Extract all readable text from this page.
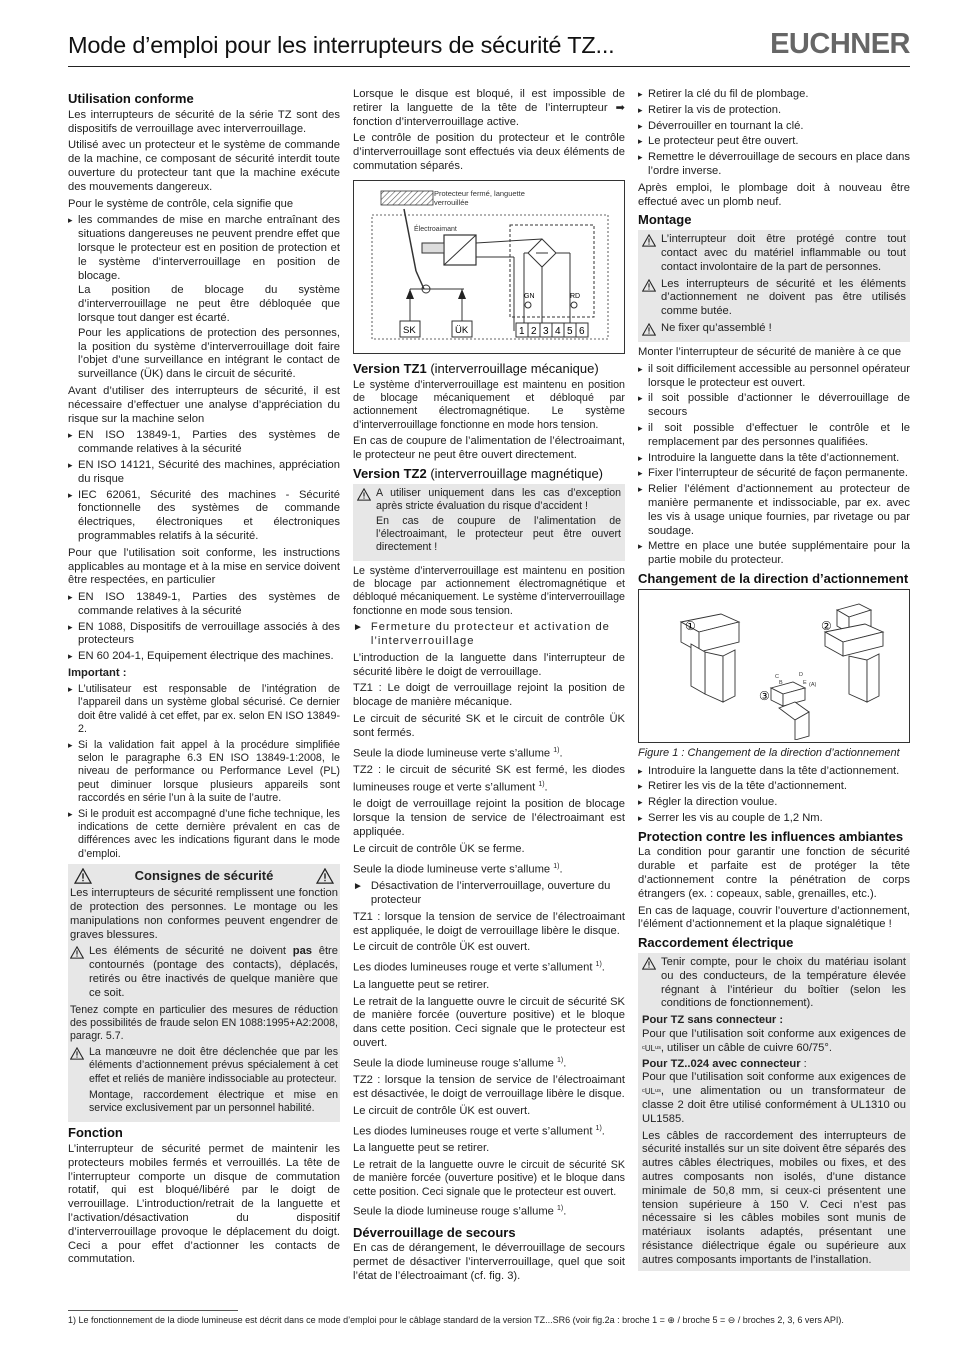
Mode d’emploi pour les interrupteurs de sécurité TZ...	EUCHNER
Utilisation conforme

Les interrupteurs de sécurité de la série TZ sont des dispositifs de verrouillage avec interverrouillage.

Utilisé avec un protecteur et le système de commande de la machine, ce composant de sécurité interdit toute ouverture du protecteur tant que la machine exécute des mouvements dangereux.

Pour le système de contrôle, cela signifie que

▸ les commandes de mise en marche entraînant des situations dangereuses ne peuvent prendre effet que lorsque le protecteur est en position de protection et le système d’interverrouillage en position de blocage.
La position de blocage du système d’interverrouillage ne peut être débloquée que lorsque tout danger est écarté.
Pour les applications de protection des personnes, la position du système d’interverrouillage doit faire l’objet d’une surveillance en intégrant le contact de surveillance (ÜK) dans le circuit de sécurité.

Avant d’utiliser des interrupteurs de sécurité, il est nécessaire d’effectuer une analyse d’appréciation du risque sur la machine selon

▸ EN ISO 13849-1, Parties des systèmes de commande relatives à la sécurité
▸ EN ISO 14121, Sécurité des machines, appréciation du risque
▸ IEC 62061, Sécurité des machines - Sécurité fonctionnelle des systèmes de commande électriques, électroniques et électroniques programmables relatifs à la sécurité.

Pour que l’utilisation soit conforme, les instructions applicables au montage et à la mise en service doivent être respectées, en particulier

▸ EN ISO 13849-1, Parties des systèmes de commande relatives à la sécurité
▸ EN 1088, Dispositifs de verrouillage associés à des protecteurs
▸ EN 60 204-1, Equipement électrique des machines.
Important :
▸ L’utilisateur est responsable de l’intégration de l’appareil dans un système global sécurisé. Ce dernier doit être validé à cet effet, par ex. selon EN ISO 13849-2.
▸ Si la validation fait appel à la procédure simplifiée selon le paragraphe 6.3 EN ISO 13849-1:2008, le niveau de performance ou Performance Level (PL) peut diminuer lorsque plusieurs appareils sont raccordés en série l’un à la suite de l’autre.
▸ Si le produit est accompagné d’une fiche technique, les indications de cette dernière prévalent en cas de différences avec les indications figurant dans le mode d’emploi.
Consignes de sécurité

Les interrupteurs de sécurité remplissent une fonction de protection des personnes. Le montage ou les manipulations non conformes peuvent engendrer de graves blessures.

Les éléments de sécurité ne doivent pas être contournés (pontage des contacts), déplacés, retirés ou être inactivés de quelque manière que ce soit.

Tenez compte en particulier des mesures de réduction des possibilités de fraude selon EN 1088:1995+A2:2008, paragr. 5.7.

La manœuvre ne doit être déclenchée que par les éléments d’actionnement prévus spécialement à cet effet et reliés de manière indissociable au protecteur.
Montage, raccordement électrique et mise en service exclusivement par un personnel habilité.
Fonction

L’interrupteur de sécurité permet de maintenir les protecteurs mobiles fermés et verrouillés. La tête de l’interrupteur comporte un disque de commutation rotatif, qui est bloqué/libéré par le doigt de verrouillage. L’introduction/retrait de la languette et l’activation/désactivation du dispositif d’interverrouillage provoque le déplacement du doigt. Ceci a pour effet d’actionner les contacts de commutation.

Lorsque le disque est bloqué, il est impossible de retirer la languette de la tête de l’interrupteur ➡ fonction d’interverrouillage active.

Le contrôle de position du protecteur et le contrôle d’interverrouillage sont effectués via deux éléments de commutation séparés.

Protecteur fermé, languette
verrouillée
Électroaimant
SK	ÜK
GN	RD
1 2 3 4 5 6
Version TZ1 (interverrouillage mécanique)

Le système d’interverrouillage est maintenu en position de blocage mécaniquement et débloqué par actionnement électromagnétique. Le système d’interverrouillage fonctionne en mode hors tension.

En cas de coupure de l’alimentation de l’électroaimant, le protecteur ne peut être ouvert directement.

Version TZ2 (interverrouillage magnétique)
A utiliser uniquement dans les cas d’exception après stricte évaluation du risque d’accident !
En cas de coupure de l’alimentation de l’électroaimant, le protecteur peut être ouvert directement !

Le système d’interverrouillage est maintenu en position de blocage par actionnement électromagnétique et débloqué mécaniquement. Le système d’interverrouillage fonctionne en mode sous tension.

► Fermeture du protecteur et activation de l’interverrouillage

L’introduction de la languette dans l’interrupteur de sécurité libère le doigt de verrouillage.

TZ1 : Le doigt de verrouillage rejoint la position de blocage de manière mécanique.

Le circuit de sécurité SK et le circuit de contrôle ÜK sont fermés.

Seule la diode lumineuse verte s’allume $^{1)}$.

TZ2 : le circuit de sécurité SK est fermé, les diodes lumineuses rouge et verte s’allument $^{1)}$.

le doigt de verrouillage rejoint la position de blocage lorsque la tension de service de l’électroaimant est appliquée.

Le circuit de contrôle ÜK se ferme.

Seule la diode lumineuse verte s’allume $^{1)}$.

► Désactivation de l’interverrouillage, ouverture du protecteur

TZ1 : lorsque la tension de service de l’électroaimant est appliquée, le doigt de verrouillage libère le disque.

Le circuit de contrôle ÜK est ouvert.

Les diodes lumineuses rouge et verte s’allument $^{1)}$.

La languette peut se retirer.

Le retrait de la languette ouvre le circuit de sécurité SK de manière forcée (ouverture positive) et le bloque dans cette position. Ceci signale que le protecteur est ouvert.

Seule la diode lumineuse rouge s’allume $^{1)}$.

TZ2 : lorsque la tension de service de l’électroaimant est désactivée, le doigt de verrouillage libère le disque.

Le circuit de contrôle ÜK est ouvert.

Les diodes lumineuses rouge et verte s’allument $^{1)}$.

La languette peut se retirer.

Le retrait de la languette ouvre le circuit de sécurité SK de manière forcée (ouverture positive) et le bloque dans cette position. Ceci signale que le protecteur est ouvert.

Seule la diode lumineuse rouge s’allume $^{1)}$.

Déverrouillage de secours

En cas de dérangement, le déverrouillage de secours permet de désactiver l’interverrouillage, quel que soit l’état de l’électroaimant (cf. fig. 3).

▸ Retirer la clé du fil de plombage.
▸ Retirer la vis de protection.
▸ Déverrouiller en tournant la clé.
▸ Le protecteur peut être ouvert.
▸ Remettre le déverrouillage de secours en place dans l’ordre inverse.

Après emploi, le plombage doit à nouveau être effectué avec un plomb neuf.

Montage
L’interrupteur doit être protégé contre tout contact avec du matériel inflammable ou tout contact involontaire de la part de personnes.
Les interrupteurs de sécurité et les éléments d’actionnement ne doivent pas être utilisés comme butée.
Ne fixer qu’assemblé !

Monter l’interrupteur de sécurité de manière à ce que

▸ il soit difficilement accessible au personnel opérateur lorsque le protecteur est ouvert.
▸ il soit possible d’actionner le déverrouillage de secours
▸ il soit possible d’effectuer le contrôle et le remplacement par des personnes qualifiées.
▸ Introduire la languette dans la tête d’actionnement.
▸ Fixer l’interrupteur de sécurité de façon permanente.
▸ Relier l’élément d’actionnement au protecteur de manière permanente et indissociable, par ex. avec les vis à usage unique fournies, par rivetage ou par soudage.
▸ Mettre en place une butée supplémentaire pour la partie mobile du protecteur.
Changement de la direction d’actionnement
①	②
③
C	D
B	E (A)
Figure 1 : Changement de la direction d’actionnement
▸ Introduire la languette dans la tête d’actionnement.
▸ Retirer les vis de la tête d’actionnement.
▸ Régler la direction voulue.
▸ Serrer les vis au couple de 1,2 Nm.
Protection contre les influences ambiantes

La condition pour garantir une fonction de sécurité durable et parfaite est de protéger la tête d’actionnement contre la pénétration de corps étrangers (ex. : copeaux, sable, grenailles, etc.).

En cas de laquage, couvrir l’ouverture d’actionnement, l’élément d’actionnement et la plaque signalétique !

Raccordement électrique
Tenir compte, pour le choix du matériau isolant ou des conducteurs, de la température élevée régnant à l’intérieur du boîtier (selon les conditions de fonctionnement).
Pour TZ sans connecteur :

Pour que l’utilisation soit conforme aux exigences de ᶜULᵘˢ, utiliser un câble de cuivre 60/75°.

Pour TZ..024 avec connecteur :

Pour que l’utilisation soit conforme aux exigences de ᶜULᵘˢ, une alimentation ou un transformateur de classe 2 doit être utilisé conformément à UL1310 ou UL1585.

Les câbles de raccordement des interrupteurs de sécurité installés sur un site doivent être séparés des autres câbles électriques, mobiles ou fixes, et des autres composants non isolés, d’une distance minimale de 50,8 mm, si ceux-ci présentent une tension supérieure à 150 V. Ceci n’est pas nécessaire si les câbles mobiles sont munis de matériaux isolants adaptés, présentant une résistance diélectrique égale ou supérieure aux autres composants importants de l’installation.

1) Le fonctionnement de la diode lumineuse est décrit dans ce mode d’emploi pour le câblage standard de la version TZ...SR6 (voir fig.2a : broche 1 = ⊕ / broche 5 = ⊖ / broches 2, 3, 6 vers API).
